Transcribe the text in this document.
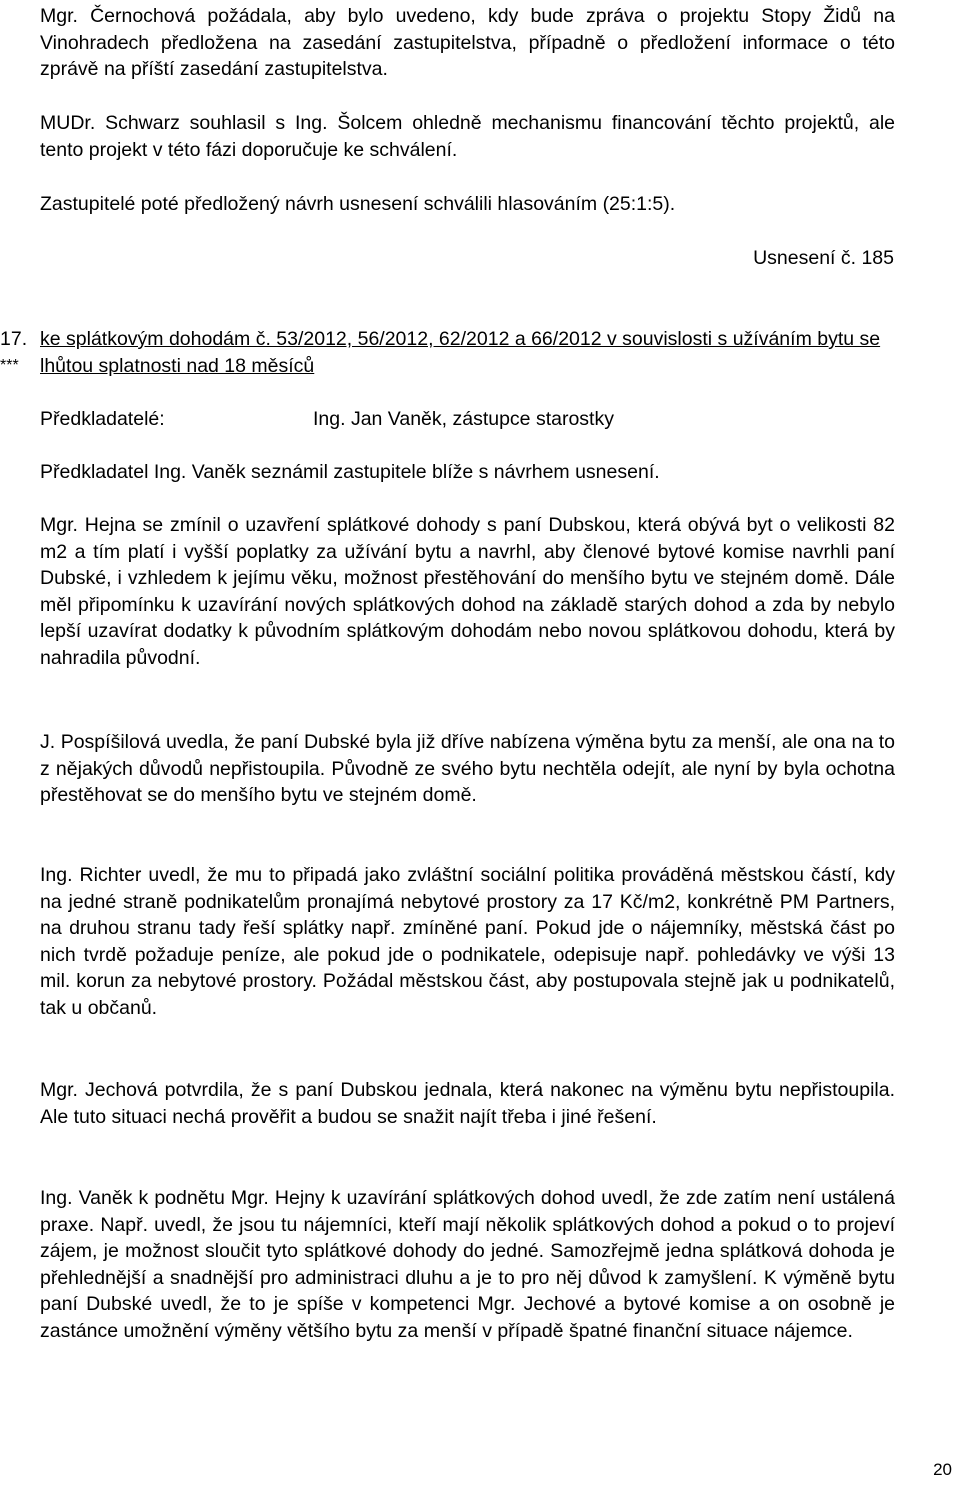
Mgr. Černochová požádala, aby bylo uvedeno, kdy bude zpráva o projektu Stopy Židů na Vinohradech předložena na zasedání zastupitelstva, případně o předložení informace o této zprávě na příští zasedání zastupitelstva.

MUDr. Schwarz souhlasil s Ing. Šolcem ohledně mechanismu financování těchto projektů, ale tento projekt v této fázi doporučuje ke schválení.

Zastupitelé poté předložený návrh usnesení schválili hlasováním (25:1:5).

Usnesení č. 185

17.

***

ke splátkovým dohodám č. 53/2012, 56/2012, 62/2012 a 66/2012 v souvislosti s užíváním bytu se lhůtou splatnosti nad 18 měsíců

Předkladatelé:	Ing. Jan Vaněk, zástupce starostky

Předkladatel Ing. Vaněk seznámil zastupitele blíže s návrhem usnesení.

Mgr. Hejna se zmínil o uzavření splátkové dohody s paní Dubskou, která obývá byt o velikosti 82 m2 a tím platí i vyšší poplatky za užívání bytu a navrhl, aby členové bytové komise navrhli paní Dubské, i vzhledem k jejímu věku, možnost přestěhování do menšího bytu ve stejném domě. Dále měl připomínku k uzavírání nových splátkových dohod na základě starých dohod a zda by nebylo lepší uzavírat dodatky k původním splátkovým dohodám nebo novou splátkovou dohodu, která by nahradila původní.

J. Pospíšilová uvedla, že paní Dubské byla již dříve nabízena výměna bytu za menší, ale ona na to z nějakých důvodů nepřistoupila. Původně ze svého bytu nechtěla odejít, ale nyní by byla ochotna přestěhovat se do menšího bytu ve stejném domě.

Ing. Richter uvedl, že mu to připadá jako zvláštní sociální politika prováděná městskou částí, kdy na jedné straně podnikatelům pronajímá nebytové prostory za 17 Kč/m2, konkrétně PM Partners, na druhou stranu tady řeší splátky např. zmíněné paní. Pokud jde o nájemníky, městská část po nich tvrdě požaduje peníze, ale pokud jde o podnikatele, odepisuje např. pohledávky ve výši 13 mil. korun za nebytové prostory. Požádal městskou část, aby postupovala stejně jak u podnikatelů, tak u občanů.

Mgr. Jechová potvrdila, že s paní Dubskou jednala, která nakonec na výměnu bytu nepřistoupila. Ale tuto situaci nechá prověřit a budou se snažit najít třeba i jiné řešení.

Ing. Vaněk k podnětu Mgr. Hejny k uzavírání splátkových dohod uvedl, že zde zatím není ustálená praxe. Např. uvedl, že jsou tu nájemníci, kteří mají několik splátkových dohod a pokud o to projeví zájem, je možnost sloučit tyto splátkové dohody do jedné. Samozřejmě jedna splátková dohoda je přehlednější a snadnější pro administraci dluhu a je to pro něj důvod k zamyšlení. K výměně bytu paní Dubské uvedl, že to je spíše v kompetenci Mgr. Jechové a bytové komise a on osobně je zastánce umožnění výměny většího bytu za menší v případě špatné finanční situace nájemce.

20
